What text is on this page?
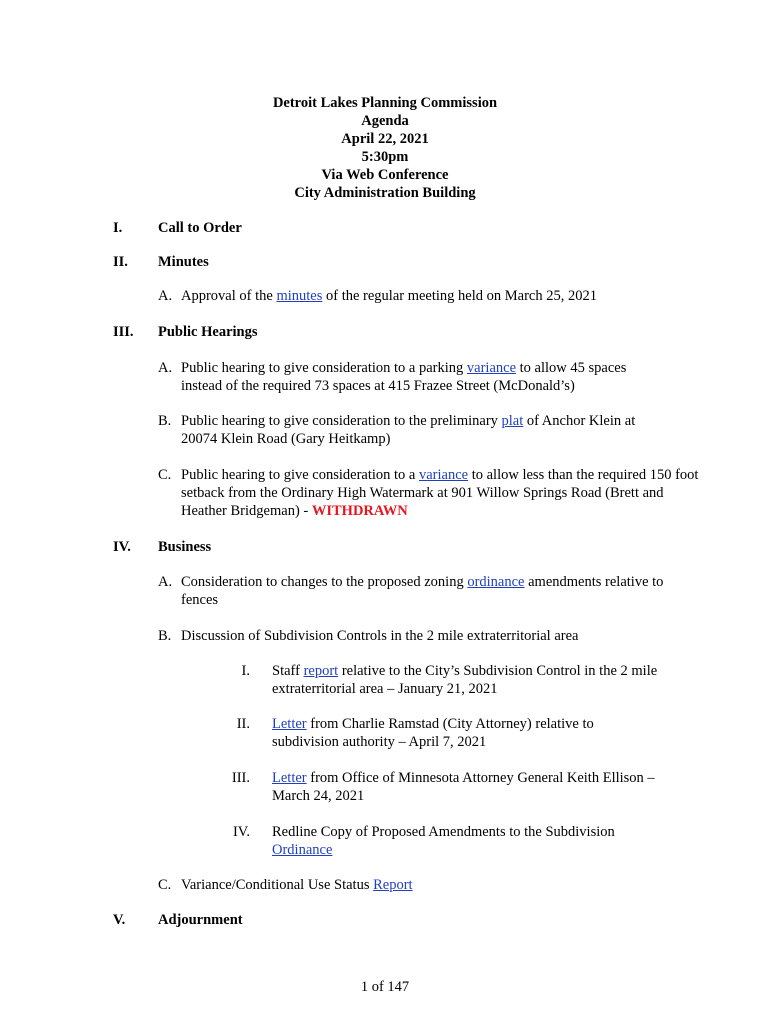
Detroit Lakes Planning Commission
Agenda
April 22, 2021
5:30pm
Via Web Conference
City Administration Building
I. Call to Order
II. Minutes
A. Approval of the minutes of the regular meeting held on March 25, 2021
III. Public Hearings
A. Public hearing to give consideration to a parking variance to allow 45 spaces instead of the required 73 spaces at 415 Frazee Street (McDonald’s)
B. Public hearing to give consideration to the preliminary plat of Anchor Klein at 20074 Klein Road (Gary Heitkamp)
C. Public hearing to give consideration to a variance to allow less than the required 150 foot setback from the Ordinary High Watermark at 901 Willow Springs Road (Brett and Heather Bridgeman) - WITHDRAWN
IV. Business
A. Consideration to changes to the proposed zoning ordinance amendments relative to fences
B. Discussion of Subdivision Controls in the 2 mile extraterritorial area
I. Staff report relative to the City’s Subdivision Control in the 2 mile extraterritorial area – January 21, 2021
II. Letter from Charlie Ramstad (City Attorney) relative to subdivision authority – April 7, 2021
III. Letter from Office of Minnesota Attorney General Keith Ellison – March 24, 2021
IV. Redline Copy of Proposed Amendments to the Subdivision Ordinance
C. Variance/Conditional Use Status Report
V. Adjournment
1 of 147
